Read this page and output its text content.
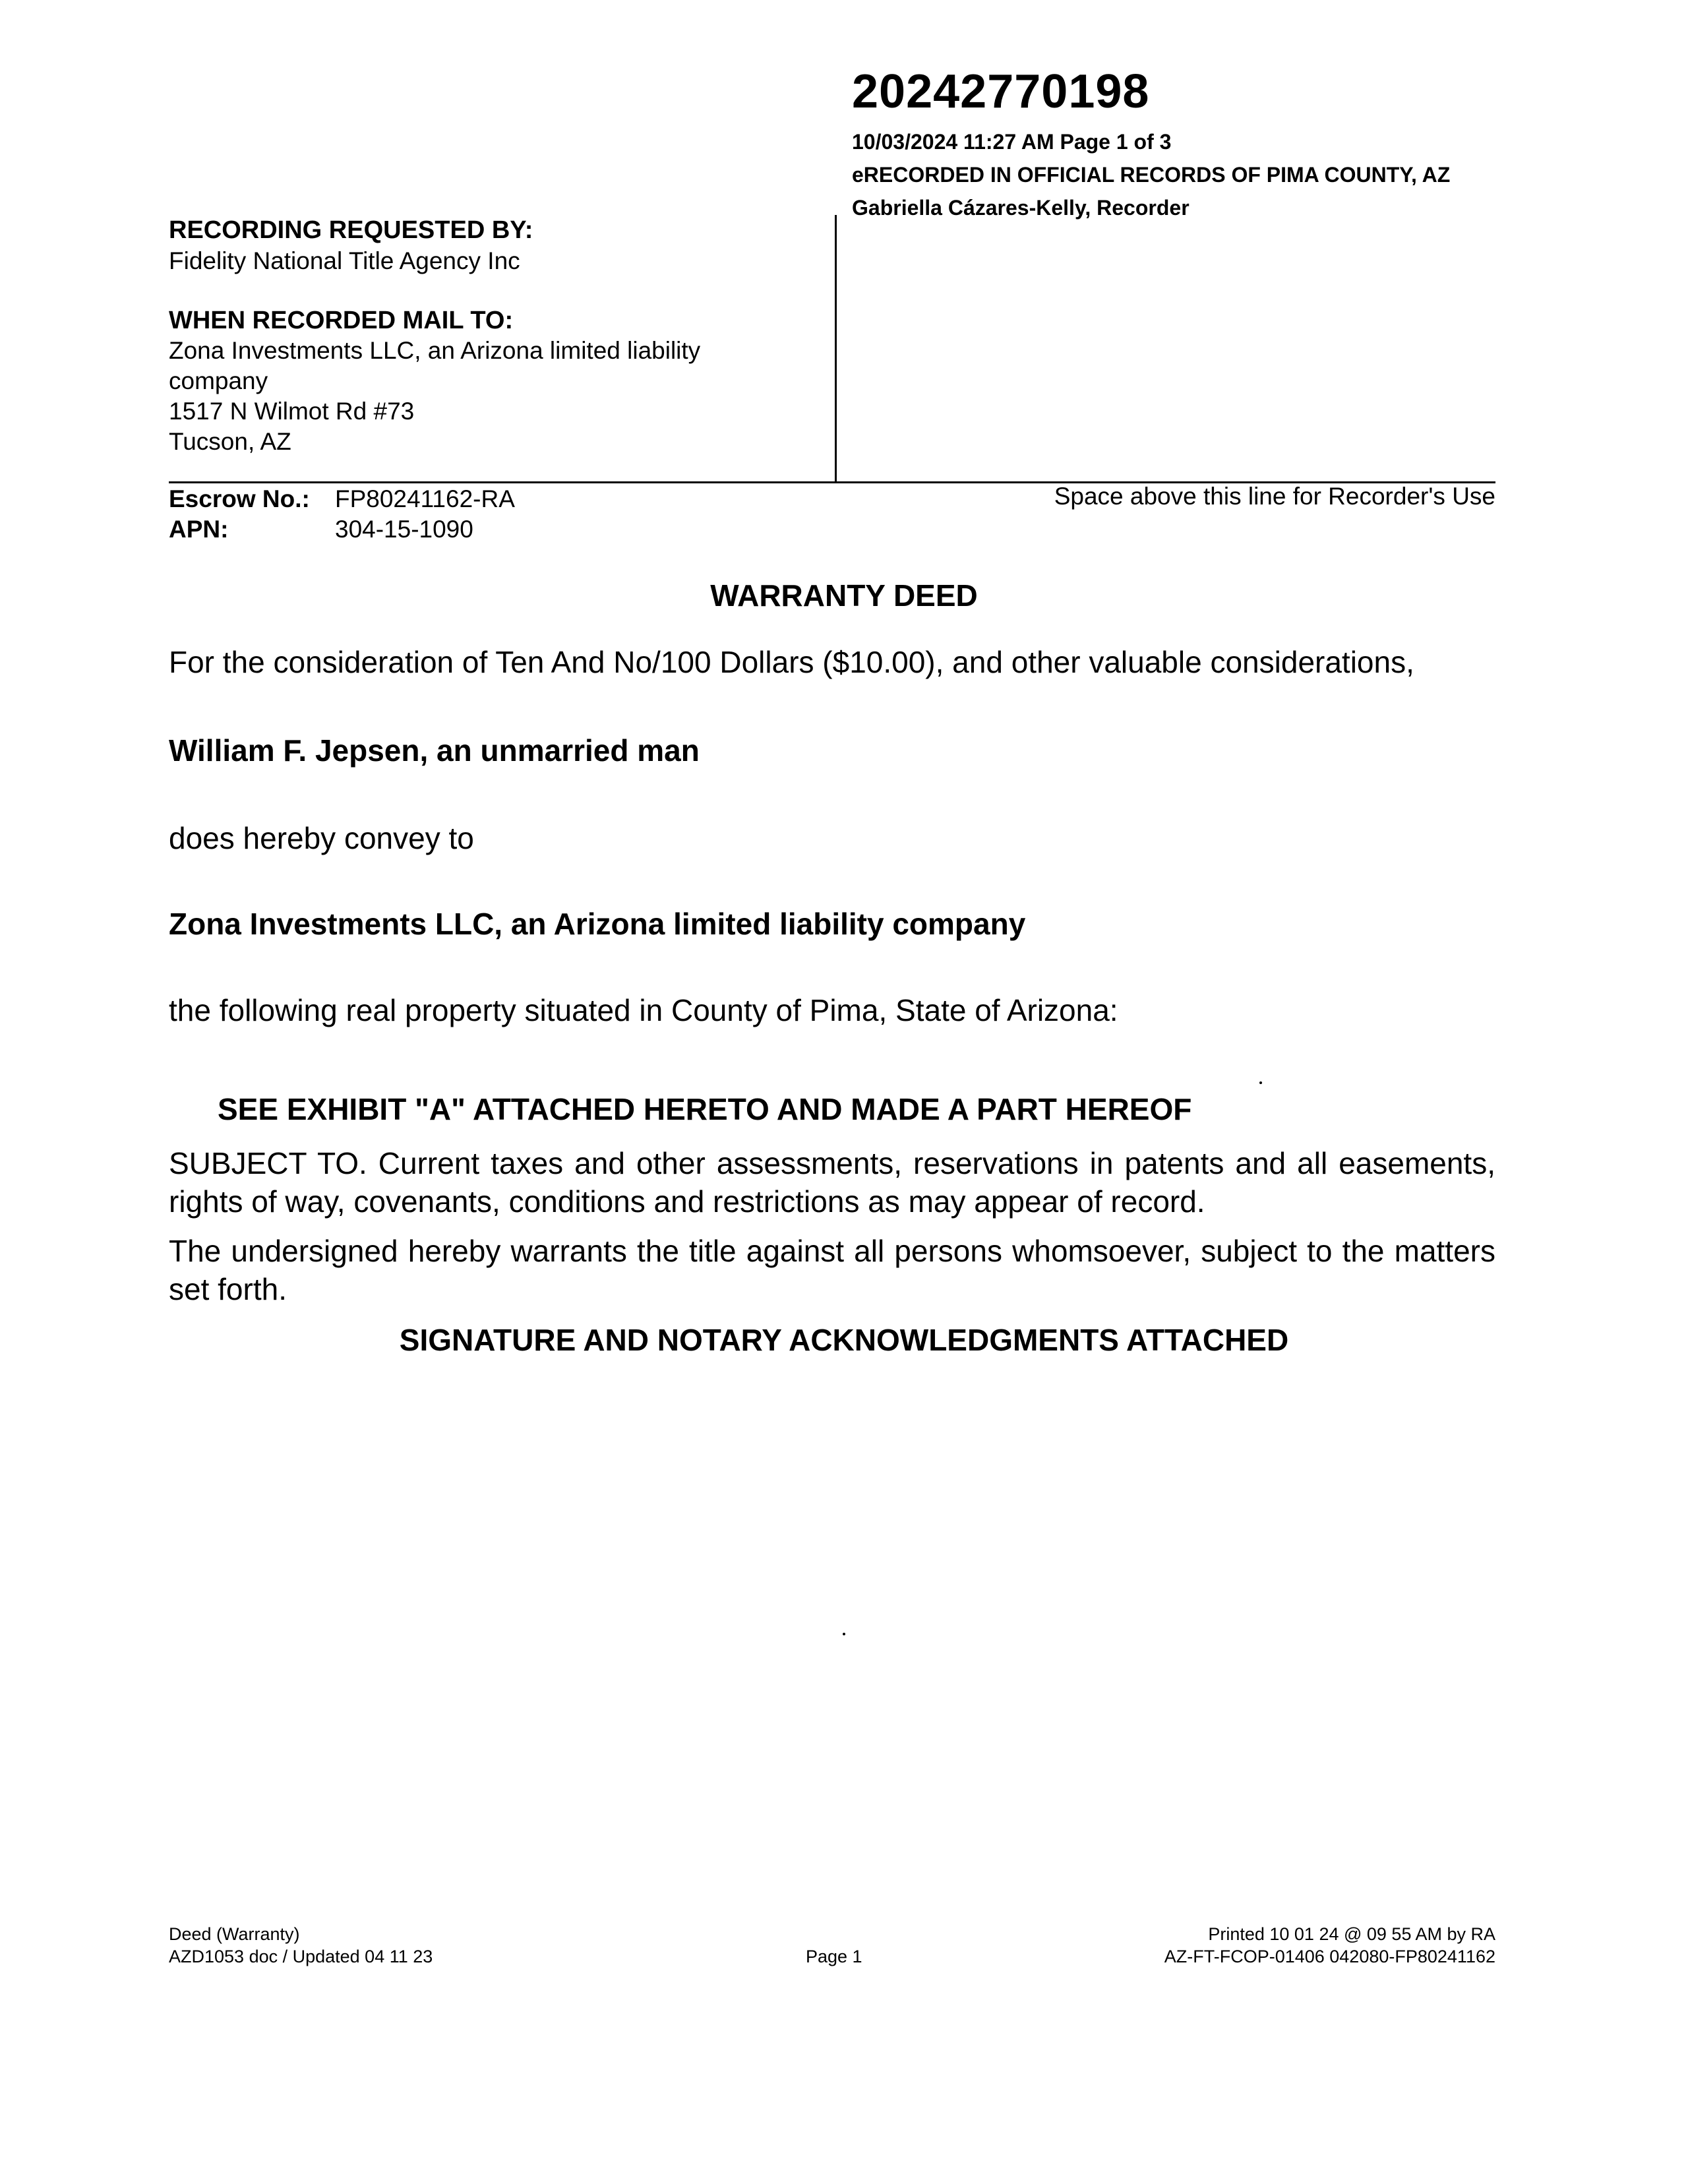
20242770198
10/03/2024 11:27 AM Page 1 of 3
eRECORDED IN OFFICIAL RECORDS OF PIMA COUNTY, AZ
Gabriella Cázares-Kelly, Recorder
RECORDING REQUESTED BY:
Fidelity National Title Agency Inc
WHEN RECORDED MAIL TO:
Zona Investments LLC, an Arizona limited liability
company
1517 N Wilmot Rd #73
Tucson, AZ
Space above this line for Recorder's Use
Escrow No.: FP80241162-RA
APN:	304-15-1090
WARRANTY DEED
For the consideration of Ten And No/100 Dollars ($10.00), and other valuable considerations,
William F. Jepsen, an unmarried man
does hereby convey to
Zona Investments LLC, an Arizona limited liability company
the following real property situated in County of Pima, State of Arizona:
SEE EXHIBIT "A" ATTACHED HERETO AND MADE A PART HEREOF
SUBJECT TO. Current taxes and other assessments, reservations in patents and all easements, rights of way, covenants, conditions and restrictions as may appear of record.
The undersigned hereby warrants the title against all persons whomsoever, subject to the matters set forth.
SIGNATURE AND NOTARY ACKNOWLEDGMENTS ATTACHED
Deed (Warranty)
AZD1053 doc / Updated 04 11 23	Page 1
Printed 10 01 24 @ 09 55 AM by RA
AZ-FT-FCOP-01406 042080-FP80241162
